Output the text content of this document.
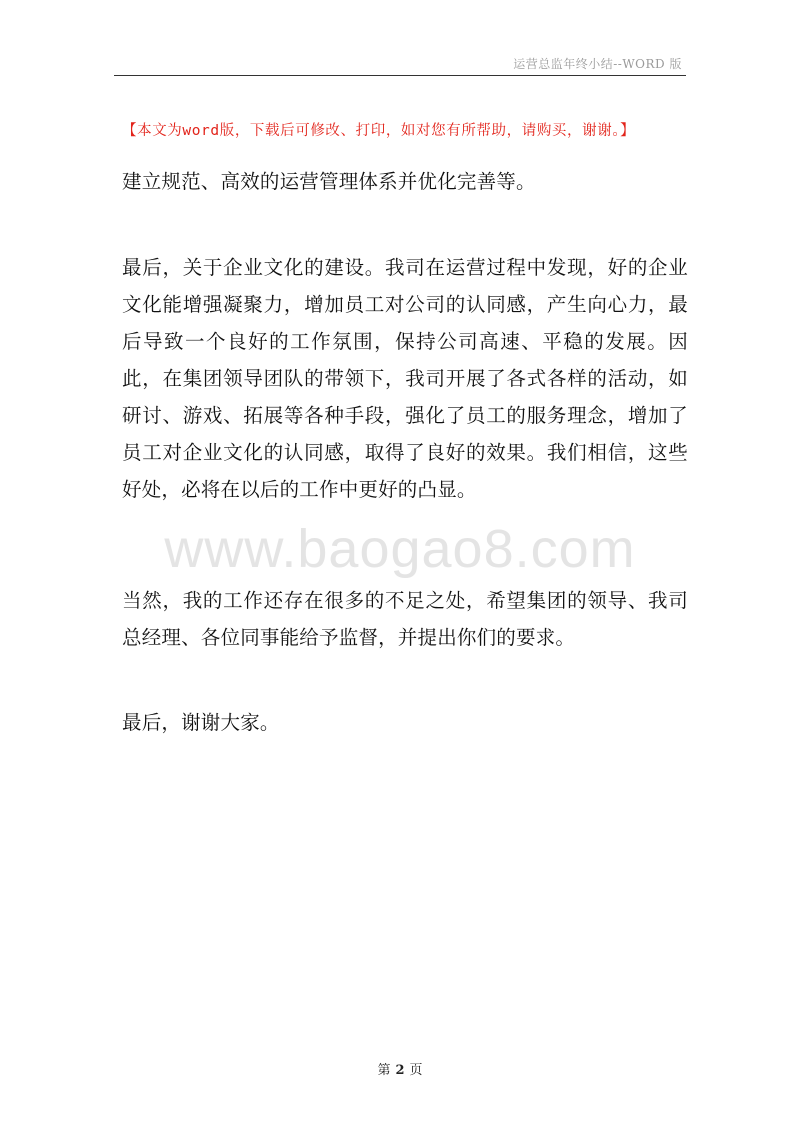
运营总监年终小结--WORD 版
【本文为word版，下载后可修改、打印，如对您有所帮助，请购买，谢谢。】

建立规范、高效的运营管理体系并优化完善等。

最后，关于企业文化的建设。我司在运营过程中发现，好的企业文化能增强凝聚力，增加员工对公司的认同感，产生向心力，最后导致一个良好的工作氛围，保持公司高速、平稳的发展。因此，在集团领导团队的带领下，我司开展了各式各样的活动，如研讨、游戏、拓展等各种手段，强化了员工的服务理念，增加了员工对企业文化的认同感，取得了良好的效果。我们相信，这些好处，必将在以后的工作中更好的凸显。

www.baogao8.com

当然，我的工作还存在很多的不足之处，希望集团的领导、我司总经理、各位同事能给予监督，并提出你们的要求。

最后，谢谢大家。

第 2 页
